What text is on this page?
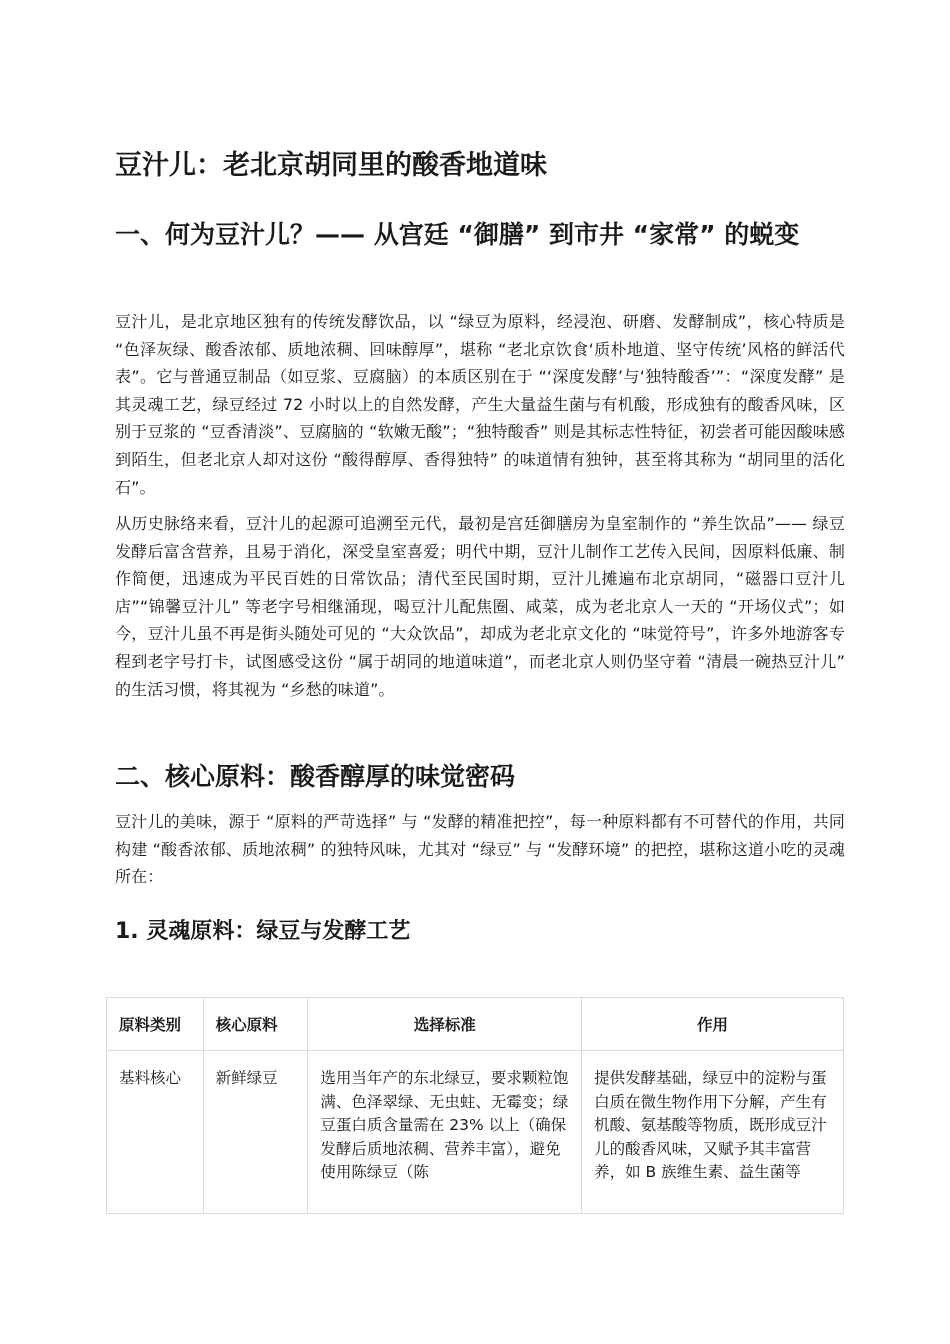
豆汁儿：老北京胡同里的酸香地道味
一、何为豆汁儿？—— 从宫廷 “御膳” 到市井 “家常” 的蜕变

豆汁儿，是北京地区独有的传统发酵饮品，以 “绿豆为原料，经浸泡、研磨、发酵制成”，核心特质是 “色泽灰绿、酸香浓郁、质地浓稠、回味醇厚”，堪称 “老北京饮食‘质朴地道、坚守传统’风格的鲜活代表”。它与普通豆制品（如豆浆、豆腐脑）的本质区别在于 “‘深度发酵’与‘独特酸香’”：“深度发酵” 是其灵魂工艺，绿豆经过 72 小时以上的自然发酵，产生大量益生菌与有机酸，形成独有的酸香风味，区别于豆浆的 “豆香清淡”、豆腐脑的 “软嫩无酸”；“独特酸香” 则是其标志性特征，初尝者可能因酸味感到陌生，但老北京人却对这份 “酸得醇厚、香得独特” 的味道情有独钟，甚至将其称为 “胡同里的活化石”。

从历史脉络来看，豆汁儿的起源可追溯至元代，最初是宫廷御膳房为皇室制作的 “养生饮品”—— 绿豆发酵后富含营养，且易于消化，深受皇室喜爱；明代中期，豆汁儿制作工艺传入民间，因原料低廉、制作简便，迅速成为平民百姓的日常饮品；清代至民国时期，豆汁儿摊遍布北京胡同，“磁器口豆汁儿店”“锦馨豆汁儿” 等老字号相继涌现，喝豆汁儿配焦圈、咸菜，成为老北京人一天的 “开场仪式”；如今，豆汁儿虽不再是街头随处可见的 “大众饮品”，却成为老北京文化的 “味觉符号”，许多外地游客专程到老字号打卡，试图感受这份 “属于胡同的地道味道”，而老北京人则仍坚守着 “清晨一碗热豆汁儿” 的生活习惯，将其视为 “乡愁的味道”。

二、核心原料：酸香醇厚的味觉密码

豆汁儿的美味，源于 “原料的严苛选择” 与 “发酵的精准把控”，每一种原料都有不可替代的作用，共同构建 “酸香浓郁、质地浓稠” 的独特风味，尤其对 “绿豆” 与 “发酵环境” 的把控，堪称这道小吃的灵魂所在：

1. 灵魂原料：绿豆与发酵工艺
原料类别	核心原料	选择标准	作用
基料核心	新鲜绿豆	选用当年产的东北绿豆，要求颗粒饱满、色泽翠绿、无虫蛀、无霉变；绿豆蛋白质含量需在 23% 以上（确保发酵后质地浓稠、营养丰富），避免使用陈绿豆（陈	提供发酵基础，绿豆中的淀粉与蛋白质在微生物作用下分解，产生有机酸、氨基酸等物质，既形成豆汁儿的酸香风味，又赋予其丰富营养，如 B 族维生素、益生菌等
